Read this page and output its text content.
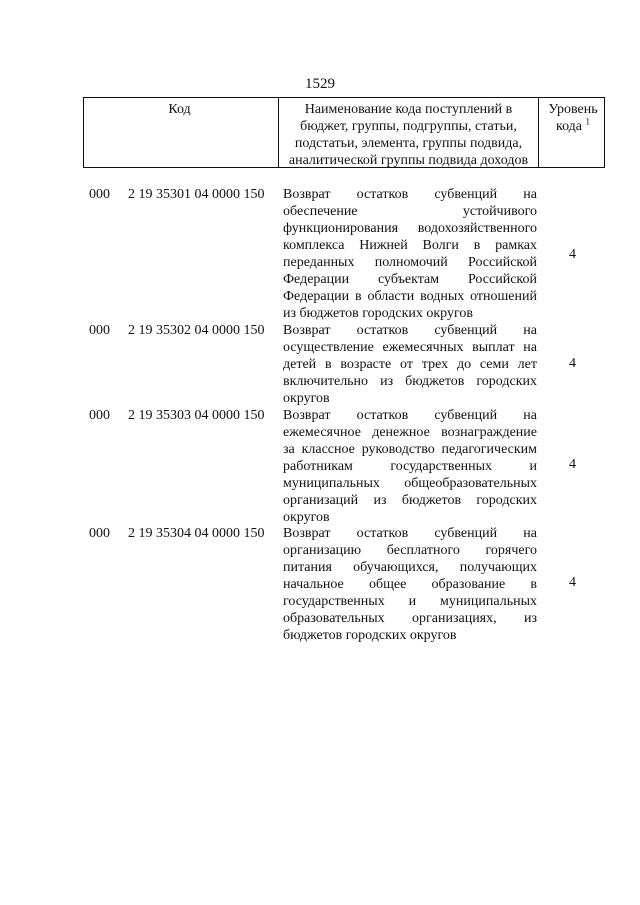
1529
Код	Наименование кода поступлений в
бюджет, группы, подгруппы, статьи,
подстатьи, элемента, группы подвида,
аналитической группы подвида доходов
Уровень
кода $^1$
000 2 19 35301 04 0000 150 Возврат остатков субвенций на
обеспечение устойчивого
функционирования водохозяйственного
комплекса Нижней Волги в рамках
переданных полномочий Российской
Федерации субъектам Российской
Федерации в области водных отношений
из бюджетов городских округов
4
000 2 19 35302 04 0000 150 Возврат остатков субвенций на
осуществление ежемесячных выплат на
детей в возрасте от трех до семи лет
включительно из бюджетов городских
округов
4
000 2 19 35303 04 0000 150 Возврат остатков субвенций на
ежемесячное денежное вознаграждение
за классное руководство педагогическим
работникам государственных и
муниципальных общеобразовательных
организаций из бюджетов городских
округов
4
000 2 19 35304 04 0000 150 Возврат остатков субвенций на
организацию бесплатного горячего
питания обучающихся, получающих
начальное общее образование в
государственных и муниципальных
образовательных организациях, из
бюджетов городских округов
4
